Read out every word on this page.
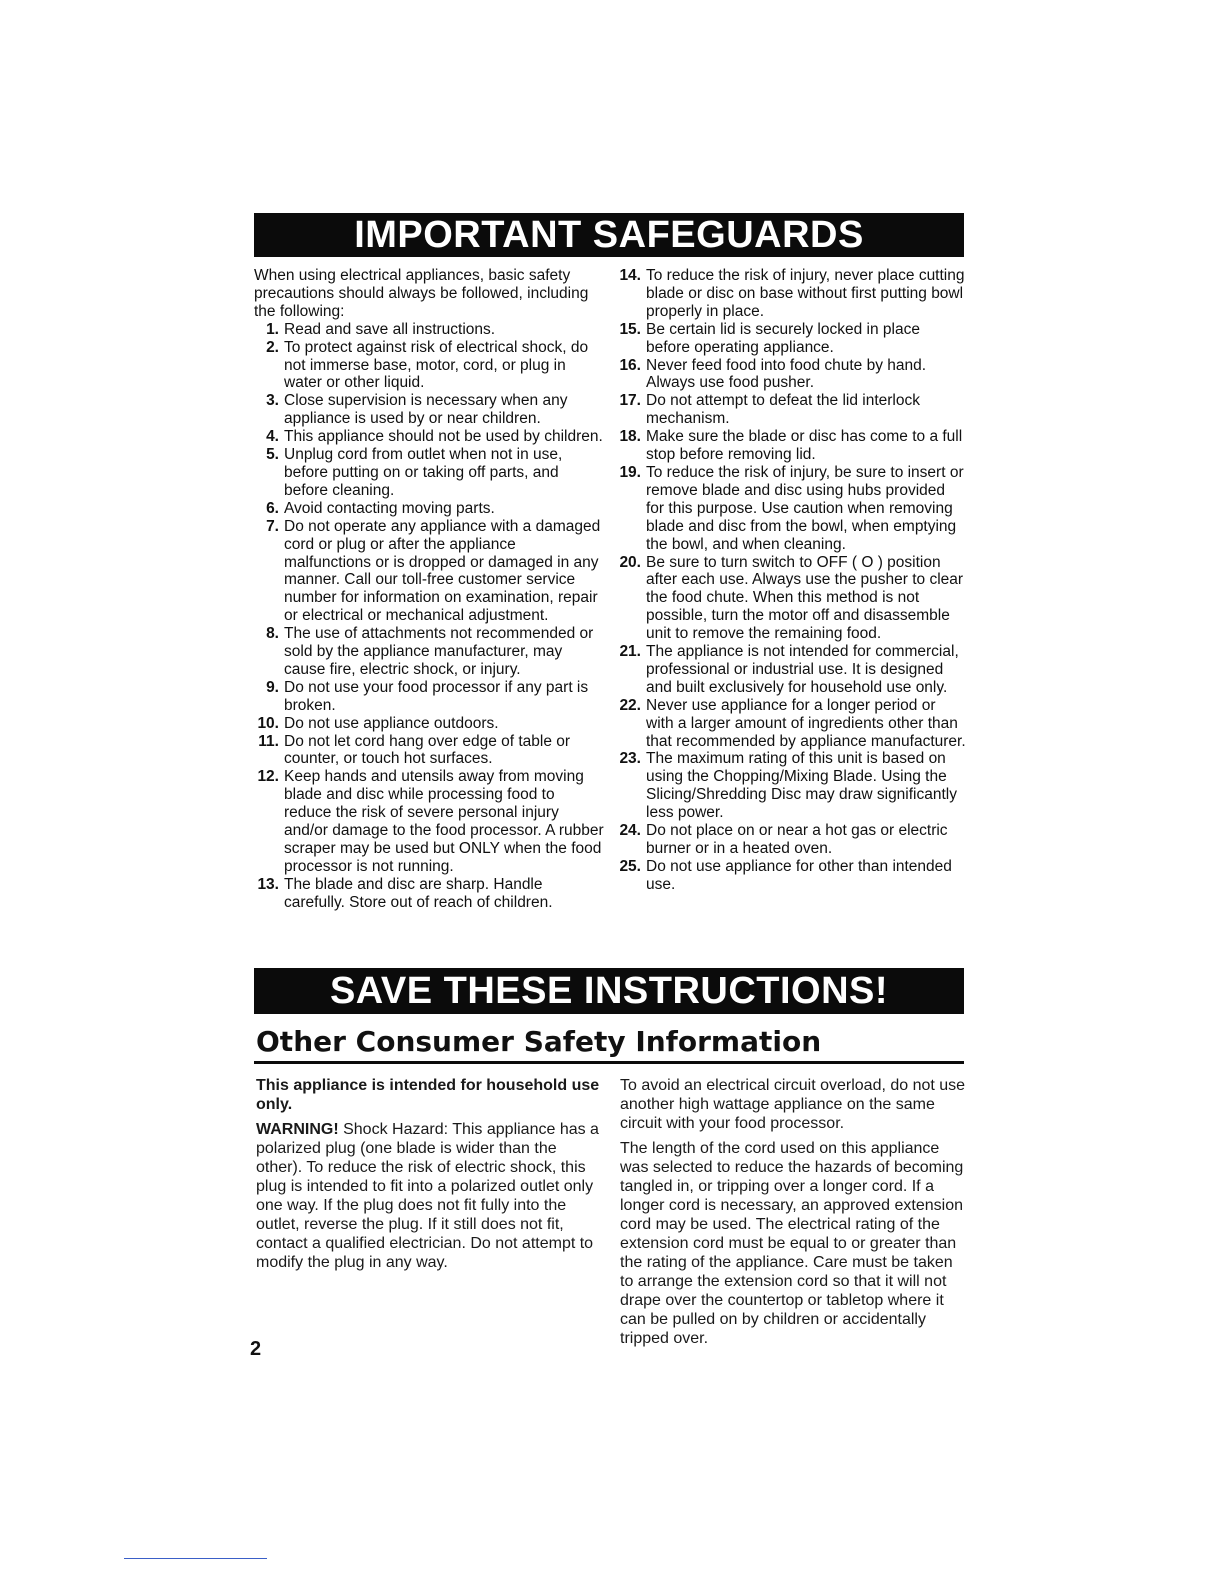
IMPORTANT SAFEGUARDS

When using electrical appliances, basic safety precautions should always be followed, including the following:

1. Read and save all instructions.
2. To protect against risk of electrical shock, do not immerse base, motor, cord, or plug in water or other liquid.
3. Close supervision is necessary when any appliance is used by or near children.
4. This appliance should not be used by children.
5. Unplug cord from outlet when not in use, before putting on or taking off parts, and before cleaning.
6. Avoid contacting moving parts.
7. Do not operate any appliance with a damaged cord or plug or after the appliance malfunctions or is dropped or damaged in any manner. Call our toll-free customer service number for information on examination, repair or electrical or mechanical adjustment.
8. The use of attachments not recommended or sold by the appliance manufacturer, may cause fire, electric shock, or injury.
9. Do not use your food processor if any part is broken.
10. Do not use appliance outdoors.
11. Do not let cord hang over edge of table or counter, or touch hot surfaces.
12. Keep hands and utensils away from moving blade and disc while processing food to reduce the risk of severe personal injury and/or damage to the food processor. A rubber scraper may be used but ONLY when the food processor is not running.
13. The blade and disc are sharp. Handle carefully. Store out of reach of children.
14. To reduce the risk of injury, never place cutting blade or disc on base without first putting bowl properly in place.
15. Be certain lid is securely locked in place before operating appliance.
16. Never feed food into food chute by hand. Always use food pusher.
17. Do not attempt to defeat the lid interlock mechanism.
18. Make sure the blade or disc has come to a full stop before removing lid.
19. To reduce the risk of injury, be sure to insert or remove blade and disc using hubs provided for this purpose. Use caution when removing blade and disc from the bowl, when emptying the bowl, and when cleaning.
20. Be sure to turn switch to OFF ( O ) position after each use. Always use the pusher to clear the food chute. When this method is not possible, turn the motor off and disassemble unit to remove the remaining food.
21. The appliance is not intended for commercial, professional or industrial use. It is designed and built exclusively for household use only.
22. Never use appliance for a longer period or with a larger amount of ingredients other than that recommended by appliance manufacturer.
23. The maximum rating of this unit is based on using the Chopping/Mixing Blade. Using the Slicing/Shredding Disc may draw significantly less power.
24. Do not place on or near a hot gas or electric burner or in a heated oven.
25. Do not use appliance for other than intended use.
SAVE THESE INSTRUCTIONS!
Other Consumer Safety Information

This appliance is intended for household use only.

WARNING! Shock Hazard: This appliance has a polarized plug (one blade is wider than the other). To reduce the risk of electric shock, this plug is intended to fit into a polarized outlet only one way. If the plug does not fit fully into the outlet, reverse the plug. If it still does not fit, contact a qualified electrician. Do not attempt to modify the plug in any way.

To avoid an electrical circuit overload, do not use another high wattage appliance on the same circuit with your food processor.

The length of the cord used on this appliance was selected to reduce the hazards of becoming tangled in, or tripping over a longer cord. If a longer cord is necessary, an approved extension cord may be used. The electrical rating of the extension cord must be equal to or greater than the rating of the appliance. Care must be taken to arrange the extension cord so that it will not drape over the countertop or tabletop where it can be pulled on by children or accidentally tripped over.

2
